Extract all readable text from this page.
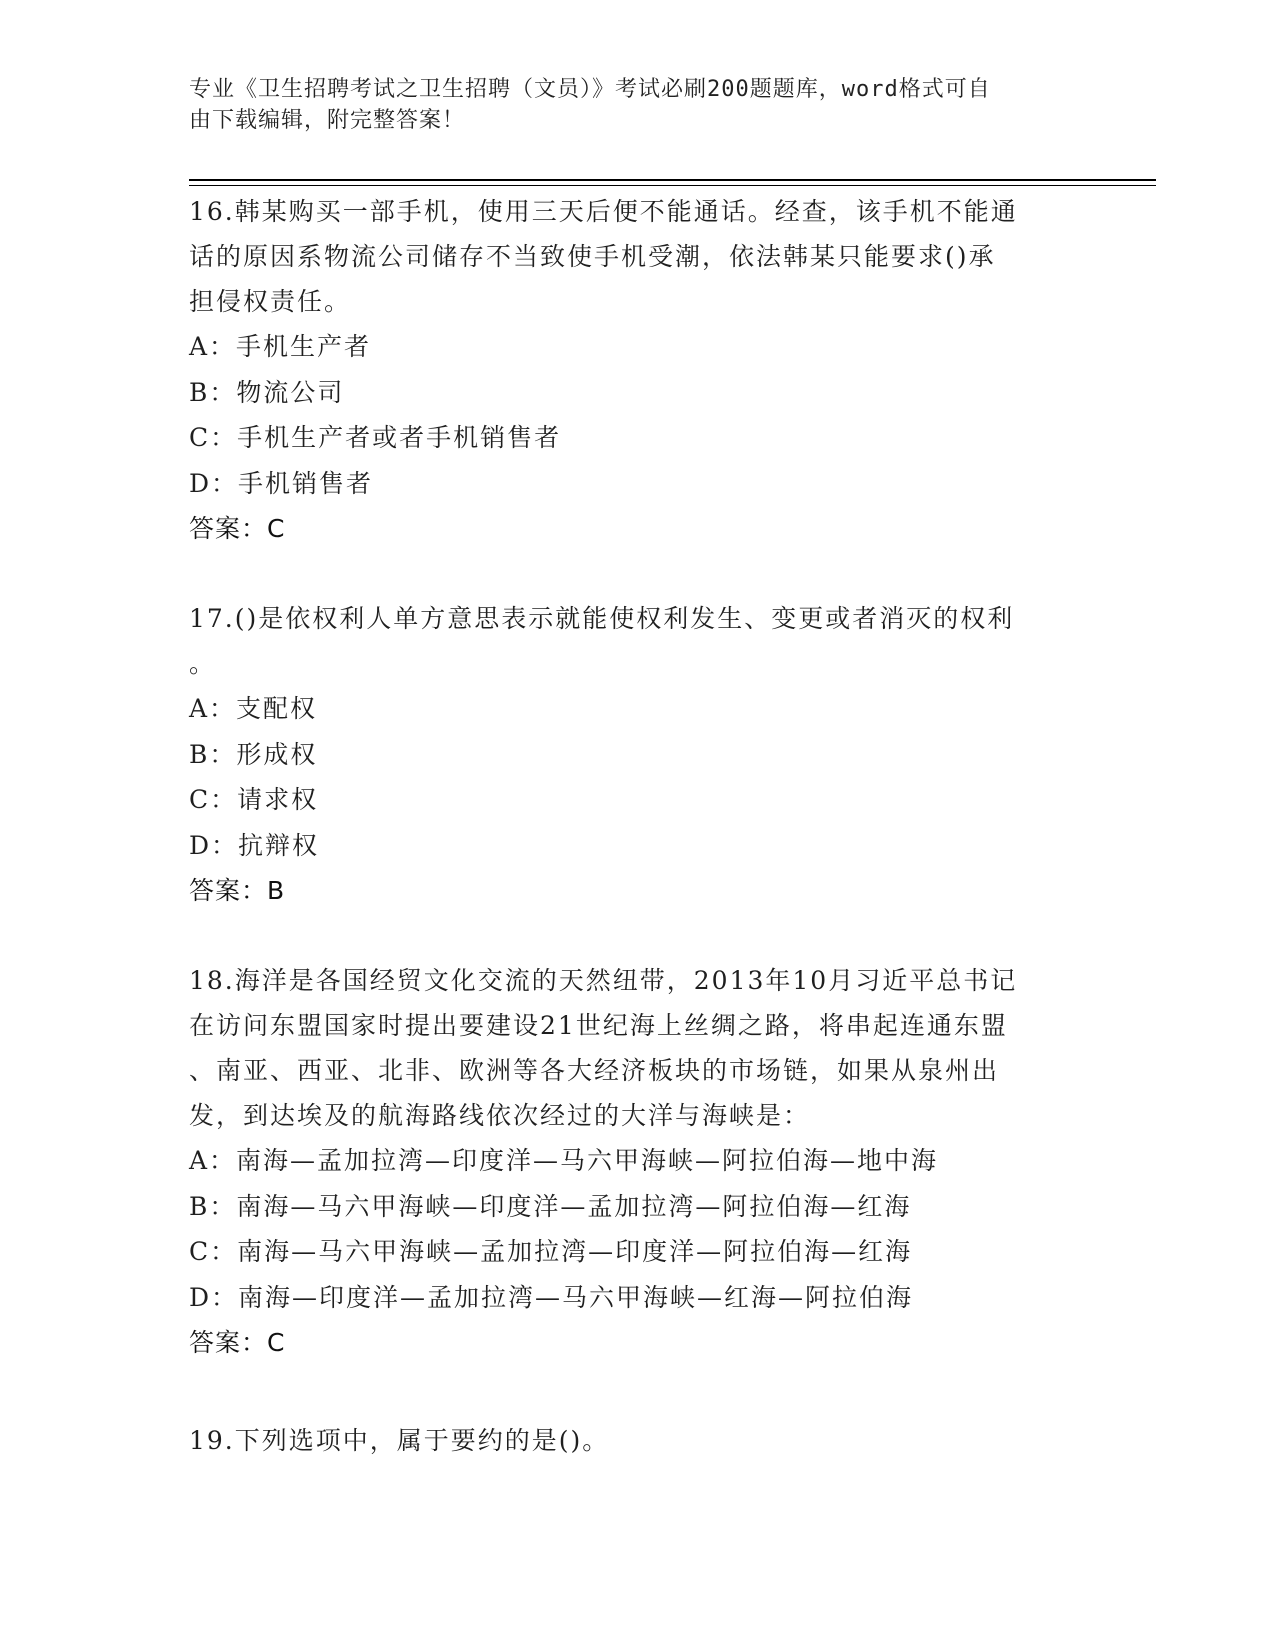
专业《卫生招聘考试之卫生招聘（文员）》考试必刷200题题库，word格式可自
由下载编辑，附完整答案！

16.韩某购买一部手机，使用三天后便不能通话。经查，该手机不能通

话的原因系物流公司储存不当致使手机受潮，依法韩某只能要求()承

担侵权责任。

A：手机生产者

B：物流公司

C：手机生产者或者手机销售者

D：手机销售者

答案：C

17.()是依权利人单方意思表示就能使权利发生、变更或者消灭的权利

。

A：支配权

B：形成权

C：请求权

D：抗辩权

答案：B

18.海洋是各国经贸文化交流的天然纽带，2013年10月习近平总书记

在访问东盟国家时提出要建设21世纪海上丝绸之路，将串起连通东盟

、南亚、西亚、北非、欧洲等各大经济板块的市场链，如果从泉州出

发，到达埃及的航海路线依次经过的大洋与海峡是：

A：南海—孟加拉湾—印度洋—马六甲海峡—阿拉伯海—地中海

B：南海—马六甲海峡—印度洋—孟加拉湾—阿拉伯海—红海

C：南海—马六甲海峡—孟加拉湾—印度洋—阿拉伯海—红海

D：南海—印度洋—孟加拉湾—马六甲海峡—红海—阿拉伯海

答案：C

19.下列选项中，属于要约的是()。
